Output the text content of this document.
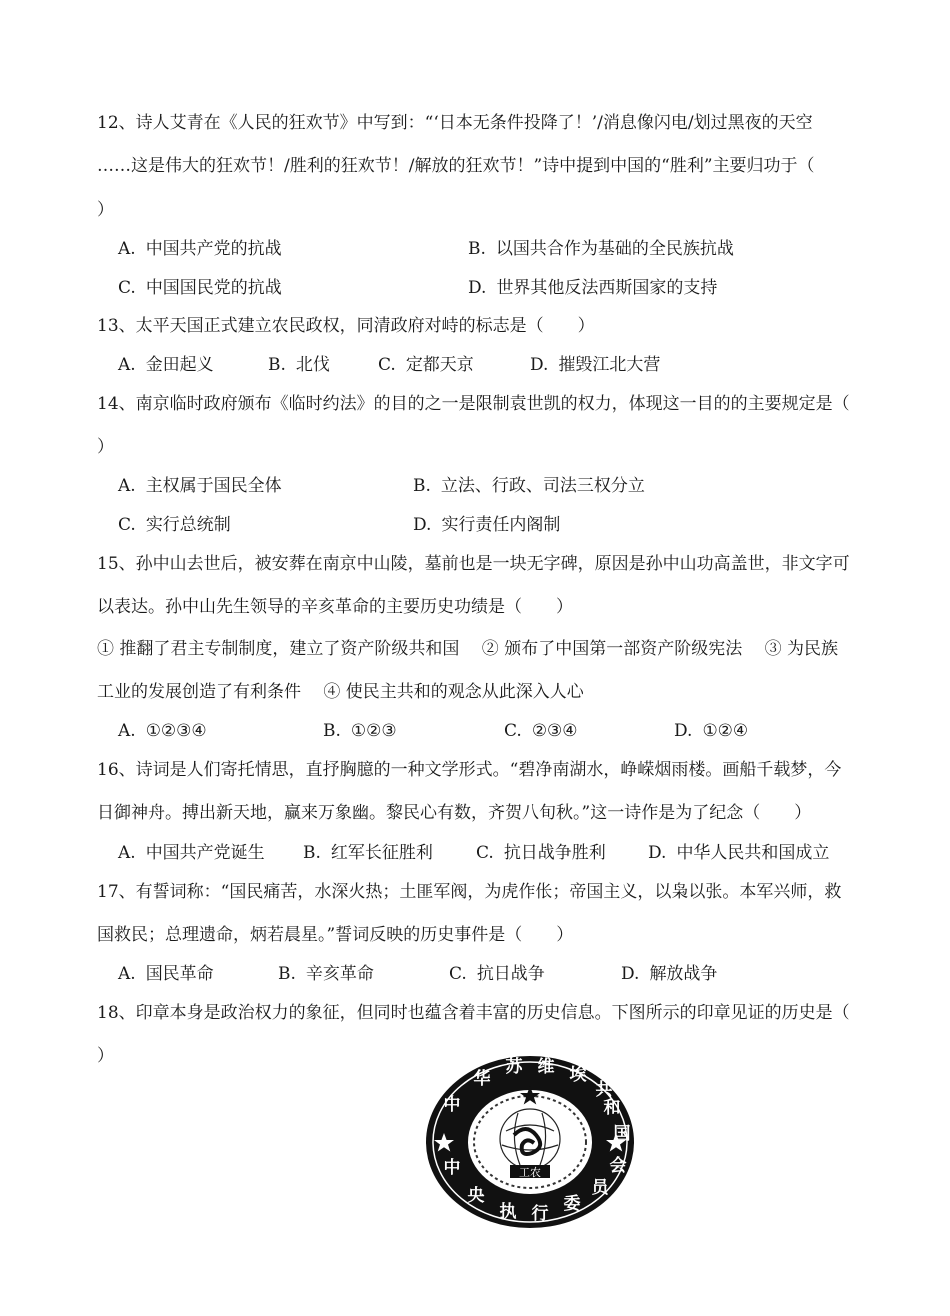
12、诗人艾青在《人民的狂欢节》中写到：“‘日本无条件投降了！’/消息像闪电/划过黑夜的天空
……这是伟大的狂欢节！/胜利的狂欢节！/解放的狂欢节！”诗中提到中国的“胜利”主要归功于（
）
A. 中国共产党的抗战	B. 以国共合作为基础的全民族抗战
C. 中国国民党的抗战	D. 世界其他反法西斯国家的支持
13、太平天国正式建立农民政权，同清政府对峙的标志是（　　）
A. 金田起义	B. 北伐	C. 定都天京	D. 摧毁江北大营
14、南京临时政府颁布《临时约法》的目的之一是限制袁世凯的权力，体现这一目的的主要规定是（
）
A. 主权属于国民全体	B. 立法、行政、司法三权分立
C. 实行总统制	D. 实行责任内阁制
15、孙中山去世后，被安葬在南京中山陵，墓前也是一块无字碑，原因是孙中山功高盖世，非文字可
以表达。孙中山先生领导的辛亥革命的主要历史功绩是（　　）
① 推翻了君主专制制度，建立了资产阶级共和国　 ② 颁布了中国第一部资产阶级宪法　 ③ 为民族
工业的发展创造了有利条件　 ④ 使民主共和的观念从此深入人心
A. ①②③④	B. ①②③	C. ②③④	D. ①②④
16、诗词是人们寄托情思，直抒胸臆的一种文学形式。“碧净南湖水，峥嵘烟雨楼。画船千载梦，今
日御神舟。搏出新天地，赢来万象幽。黎民心有数，齐贺八旬秋。”这一诗作是为了纪念（　　）
A. 中国共产党诞生 B. 红军长征胜利	C. 抗日战争胜利 D. 中华人民共和国成立
17、有誓词称：“国民痛苦，水深火热；土匪军阀，为虎作伥；帝国主义，以枭以张。本军兴师，救
国救民；总理遗命，炳若晨星。”誓词反映的历史事件是（　　）
A. 国民革命	B. 辛亥革命	C. 抗日战争	D. 解放战争
18、印章本身是政治权力的象征，但同时也蕴含着丰富的历史信息。下图所示的印章见证的历史是（
）
工农
中
华
苏 维 埃
共
和
国
中
央
执 行 委
员
会
